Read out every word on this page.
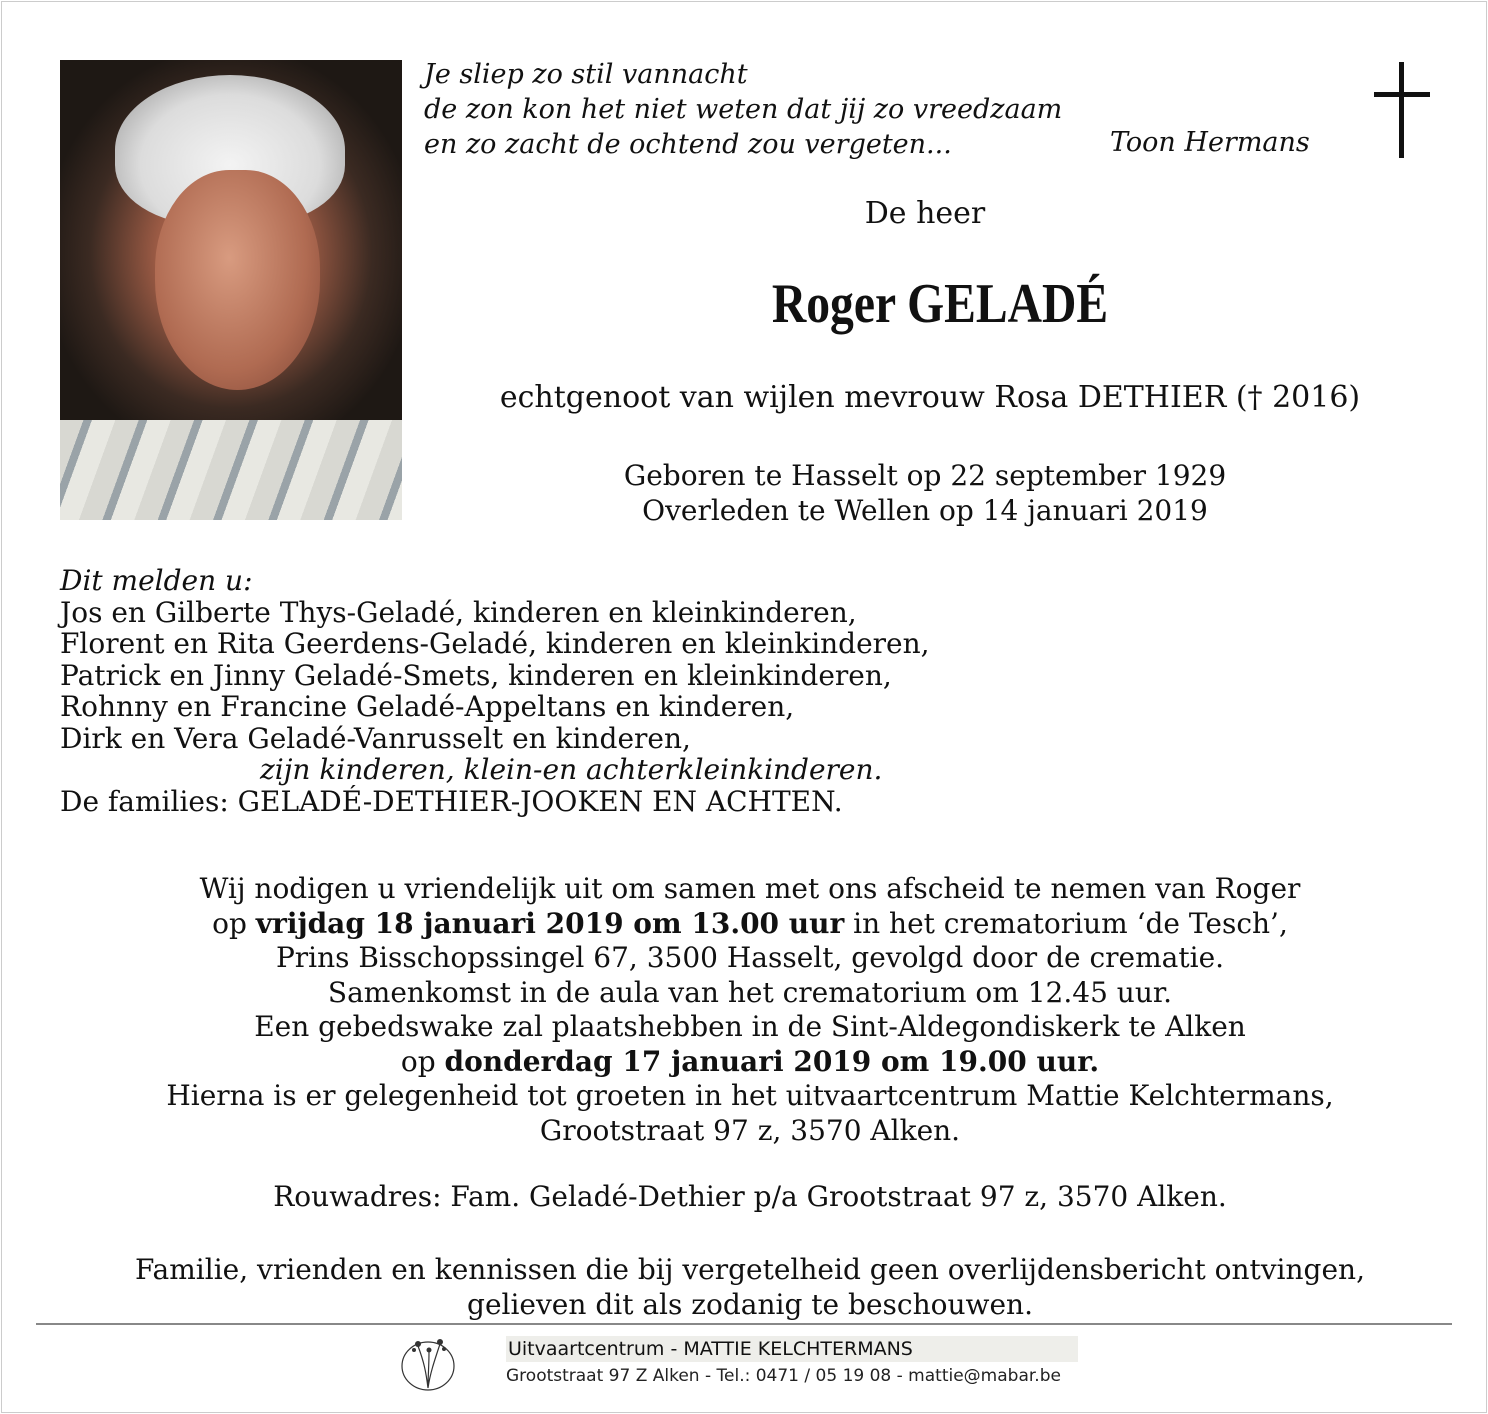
Je sliep zo stil vannacht
de zon kon het niet weten dat jij zo vreedzaam
en zo zacht de ochtend zou vergeten...	Toon Hermans
De heer
Roger GELADÉ
echtgenoot van wijlen mevrouw Rosa DETHIER († 2016)
Geboren te Hasselt op 22 september 1929
Overleden te Wellen op 14 januari 2019
Dit melden u:
Jos en Gilberte Thys-Geladé, kinderen en kleinkinderen,
Florent en Rita Geerdens-Geladé, kinderen en kleinkinderen,
Patrick en Jinny Geladé-Smets, kinderen en kleinkinderen,
Rohnny en Francine Geladé-Appeltans en kinderen,
Dirk en Vera Geladé-Vanrusselt en kinderen,
zijn kinderen, klein-en achterkleinkinderen.
De families: GELADÉ-DETHIER-JOOKEN EN ACHTEN.
Wij nodigen u vriendelijk uit om samen met ons afscheid te nemen van Roger
op vrijdag 18 januari 2019 om 13.00 uur in het crematorium ‘de Tesch’,
Prins Bisschopssingel 67, 3500 Hasselt, gevolgd door de crematie.
Samenkomst in de aula van het crematorium om 12.45 uur.
Een gebedswake zal plaatshebben in de Sint-Aldegondiskerk te Alken
op donderdag 17 januari 2019 om 19.00 uur.
Hierna is er gelegenheid tot groeten in het uitvaartcentrum Mattie Kelchtermans,
Grootstraat 97 z, 3570 Alken.
Rouwadres: Fam. Geladé-Dethier p/a Grootstraat 97 z, 3570 Alken.
Familie, vrienden en kennissen die bij vergetelheid geen overlijdensbericht ontvingen,
gelieven dit als zodanig te beschouwen.
Uitvaartcentrum - MATTIE KELCHTERMANS
Grootstraat 97 Z Alken - Tel.: 0471 / 05 19 08 - mattie@mabar.be
